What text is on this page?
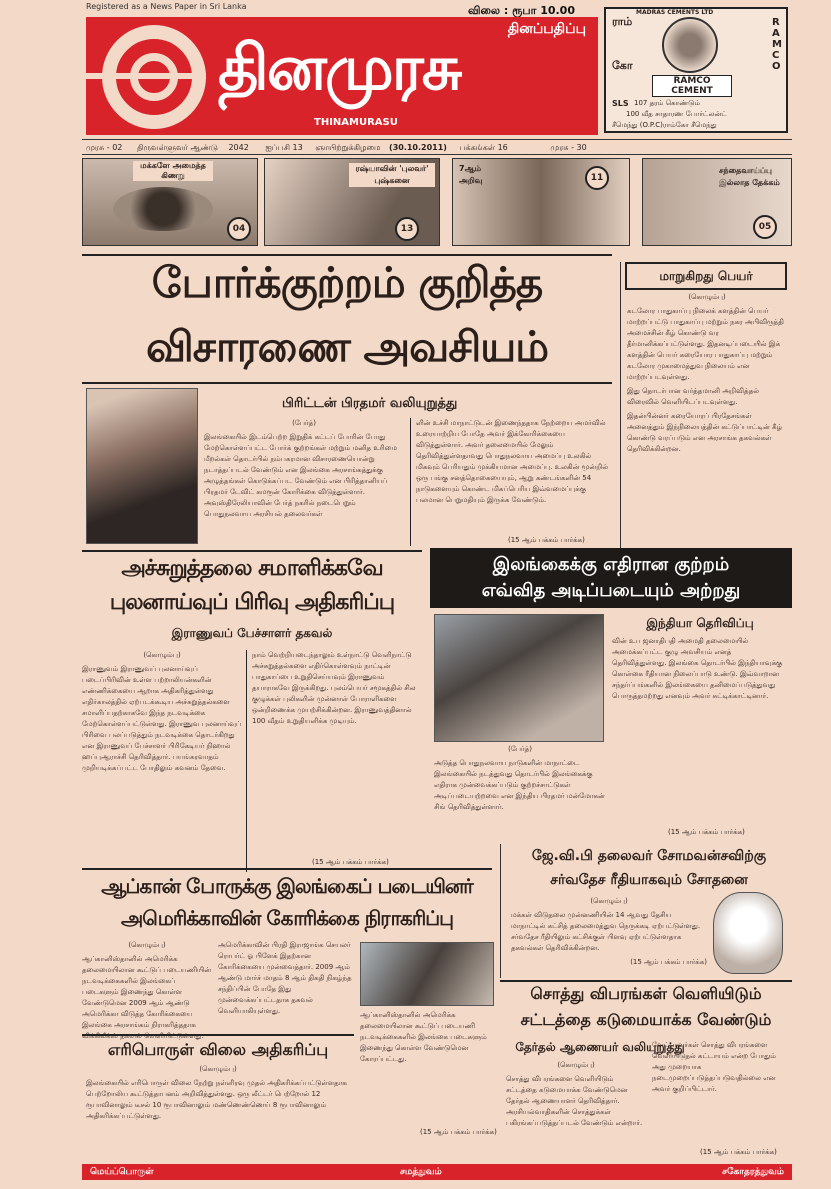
Registered as a News Paper in Sri Lanka	விலை : ரூபா 10.00
தினப்பதிப்பு
தினமுரசு
THINAMURASU
ராம்
கோ
MADRAS CEMENTS LTD
RAMCO
RAMCO CEMENT
SLS 107 தரம் கொண்டும்
100 வீத சாதாரண போர்ட்லன்ட்
சீமெந்து (O.P.C)ராம்கோ சீமெந்து
முரசு - 02 திருவள்ளுவர் ஆண்டு 2042 ஐப்பசி 13 ஞாயிற்றுக்கிழமை (30.10.2011) பக்கங்கள் 16	முரசு - 30
மக்களே அமைத்த கிணறு
04
ரஷ்யாவின் 'புலவர்' புஷ்கனை
13
7ஆம் அறிவு	11
சந்தைவாய்ப்பு இல்லாத தேக்கம்
05
போர்க்குற்றம் குறித்த
விசாரணை அவசியம்
பிரிட்டன் பிரதமர் வலியுறுத்து

(பேர்த்)

இலங்கையில் இடம்பெற்ற இறுதிக் கட்டப் போரின் போது மேற்கொள்ளப்பட்ட போர்க் குற்றங்கள் மற்றும் மனித உரிமை மீறல்கள் தொடர்பில் நம்பகரமான விசாரணையொன்று நடாத்தப்படல் வேண்டும் என இலங்கை அரசாங்கத்துக்கு அழுத்தங்கள் கொடுக்கப்பட வேண்டும் என பிரித்தானியப் பிரதமர் டேவிட் கமரூன் கோரிக்கை விடுத்துள்ளார். அவுஸ்திரேலியாவின் பேர்த் நகரில் நடைபெறும் பொதுநலவாய அரசியல் தலைவர்கள்

ளின் உச்சி மாநாட்டுடன் இணைந்ததாக நேற்றைய அமர்வில் உரையாற்றிய போதே அவர் இக்கோரிக்கையை விடுத்துள்ளார். அவர் தலைமையில் மேலும் தெரிவித்துள்ளதாவது பொதுநலவாய அமைப்பு உலகில் மிகவும் பெரியதும் முக்கியமான அமைப்பு. உலகின் மூன்றில் ஒரு பங்கு சனத்தொகையையும், ஆறு கண்டங்களின் 54 நாடுகளையும் கொண்ட மிகப்பெரிய இவ்வமைப்புக்கு பலமான பெறுமதியும் இருக்க வேண்டும்.

(15 ஆம் பக்கம் பார்க்க)
மாறுகிறது பெயர்

(கொழும்பு)

கடலோர பாதுகாப்பு நிலைக் களத்தின் பெயர் மாற்றப்பட்டு பாதுகாப்பு மற்றும் நகர அபிவிருத்தி அமைச்சின் கீழ் கொண்டு வர தீர்மானிக்கப்பட்டுள்ளது. இதனடிப்படையில் இக் களத்தின் பெயர் கரையோர பாதுகாப்பு மற்றும் கடலோர முகாமைத்துவ நிலையம் என மாற்றப்படவுள்ளது.

இது தொடர்பான வர்த்தமானி அறிவித்தல் விரைவில் வெளியிடப்படவுள்ளது.

இதன்பின்னர் கரையோரப் பிரதேசங்கள் அனைத்தும் இந்நிலையத்தின் கட்டுப்பாட்டின் கீழ் கொண்டு வரப்படும் என அரசாங்க தகவல்கள் தெரிவிக்கின்றன.

அச்சுறுத்தலை சமாளிக்கவே
புலனாய்வுப் பிரிவு அதிகரிப்பு
இராணுவப் பேச்சாளர் தகவல்

(கொழும்பு)

இராணுவம் இராணுவப் புலனாய்வுப் படைப்பிரிவின் உள்ள பற்றாலியன்களின் எண்ணிக்கையை ஆறாக அதிகரித்துள்ளது எதிர்காலத்தில் ஏற்படக்கூடிய அச்சுறுத்தல்களை சமாளிப்பதற்காகவே இந்த நடவடிக்கை மேற்கொள்ளப்பட்டுள்ளது. இராணுவ புலனாய்வுப் பிரிவை பலப்படுத்தும் நடவடிக்கை தொடர்கிறது என இராணுவப் பேச்சாளர் பிரிகேடியர் நிஹால் ஹப்புஆராச்சி தெரிவித்தார். பயங்கரவாதம் முறியடிக்கப்பட்ட போதிலும் கவனம் தேவை.

நாம் வெற்றியடைந்தாலும் உள்நாட்டு வெளிநாட்டு அச்சுறுத்தல்களை எதிர்கொள்ளவும் நாட்டின் பாதுகாப்பை உறுதிசெய்யவும் இராணுவம் தயாராகவே இருக்கிறது. புலம்பெயர் சமூகத்தில் சில குழுக்கள் புலிகளின் முன்னாள் போராளிகளை ஒன்றிணைக்க முயற்சிக்கின்றன. இராணுவத்தினால் 100 வீதம் உறுதியளிக்க முடியும்.

(15 ஆம் பக்கம் பார்க்க)
இலங்கைக்கு எதிரான குற்றம்
எவ்வித அடிப்படையும் அற்றது
இந்தியா தெரிவிப்பு

வின் உப ஜனாதிபதி அமைதி தலைமையில் அமைக்கப்பட்ட குழு அவசியம் எனத் தெரிவித்துள்ளது. இலங்கை தொடர்பில் இந்தியாவுக்கு கொள்கை ரீதியான நிலைப்பாடு உண்டு. இவ்வாறான சந்தர்ப்பங்களில் இலங்கையை தனிமைப்படுத்துவது பொருத்தமற்றது எனவும் அவர் சுட்டிக்காட்டினார்.

(பேர்த்)

அடுத்த பொதுநலவாய நாடுகளின் மாநாட்டை இலங்கையில் நடத்துவது தொடர்பில் இலங்கைக்கு எதிராக முன்வைக்கப்படும் குற்றச்சாட்டுகள் அடிப்படையற்றவை என இந்திய பிரதமர் மன்மோகன் சிங் தெரிவித்துள்ளார்.

(15 ஆம் பக்கம் பார்க்க)
ஆப்கான் போருக்கு இலங்கைப் படையினர்
அமெரிக்காவின் கோரிக்கை நிராகரிப்பு

(கொழும்பு)

ஆப்கானிஸ்தானில் அமெரிக்க தலைமையிலான கூட்டுப் படையணியின் நடவடிக்கைகளில் இலங்கைப் படைகளும் இணைந்து கொள்ள வேண்டுமென 2009 ஆம் ஆண்டு அமெரிக்கா விடுத்த கோரிக்கையை இலங்கை அரசாங்கம் நிராகரித்ததாக விக்கிலீக்ஸ் தகவல் வெளியிட்டுள்ளது.

அமெரிக்காவின் பிரதி இராஜாங்க செயலர் ரொபர்ட் ஓ பிளேக் இதற்கான கோரிக்கையை முன்வைத்தார். 2009 ஆம் ஆண்டு மார்ச் மாதம் 8 ஆம் திகதி நிகழ்ந்த சந்திப்பின் போதே இது முன்வைக்கப்பட்டதாக தகவல் வெளியாகியுள்ளது.	ஆப்கானிஸ்தானில் அமெரிக்க தலைமையிலான கூட்டுப் படையணி நடவடிக்கைகளில் இலங்கை படைகளும் இணைந்து கொள்ள வேண்டுமென கோரப்பட்டது.

(15 ஆம் பக்கம் பார்க்க)
எரிபொருள் விலை அதிகரிப்பு

(கொழும்பு)

இலங்கையில் எரிபொருள் விலை நேற்று நள்ளிரவு முதல் அதிகரிக்கப்பட்டுள்ளதாக பெற்றோலிய கூட்டுத்தாபனம் அறிவித்துள்ளது. ஒரு லீட்டர் பெற்றோல் 12 ரூபாவினாலும் டீசல் 10 ரூபாவினாலும் மண்ணெண்ணெய் 8 ரூபாவினாலும் அதிகரிக்கப்பட்டுள்ளது.

ஜே.வி.பி தலைவர் சோமவன்சவிற்கு
சர்வதேச ரீதியாகவும் சோதனை

(கொழும்பு)

மக்கள் விடுதலை முன்னணியின் 14 ஆவது தேசிய மாநாட்டில் கட்சித் தலைமைத்துவ நெருக்கடி ஏற்பட்டுள்ளது. சர்வதேச ரீதியிலும் கட்சிக்குள் பிளவு ஏற்பட்டுள்ளதாக தகவல்கள் தெரிவிக்கின்றன.

(15 ஆம் பக்கம் பார்க்க)

சொத்து விபரங்கள் வெளியிடும்
சட்டத்தை கடுமையாக்க வேண்டும்
தேர்தல் ஆணையர் வலியுறுத்து

(கொழும்பு)

சொத்து விபரங்களை வெளியிடும் சட்டத்தை கடுமையாக்க வேண்டுமென தேர்தல் ஆணையாளர் தெரிவித்தார். அரசியல்வாதிகளின் சொத்துக்கள் பகிரங்கப்படுத்தப்படல் வேண்டும் என்றார்.

வேட்பாளர்கள் சொத்து விபரங்களை வெளியிடுதல் கட்டாயம் என்ற போதும் அது முறையாக நடைமுறைப்படுத்தப்படுவதில்லை என அவர் குறிப்பிட்டார்.

(15 ஆம் பக்கம் பார்க்க)
மெய்ப்பொருள்	சமத்துவம்	சகோதரத்துவம்
